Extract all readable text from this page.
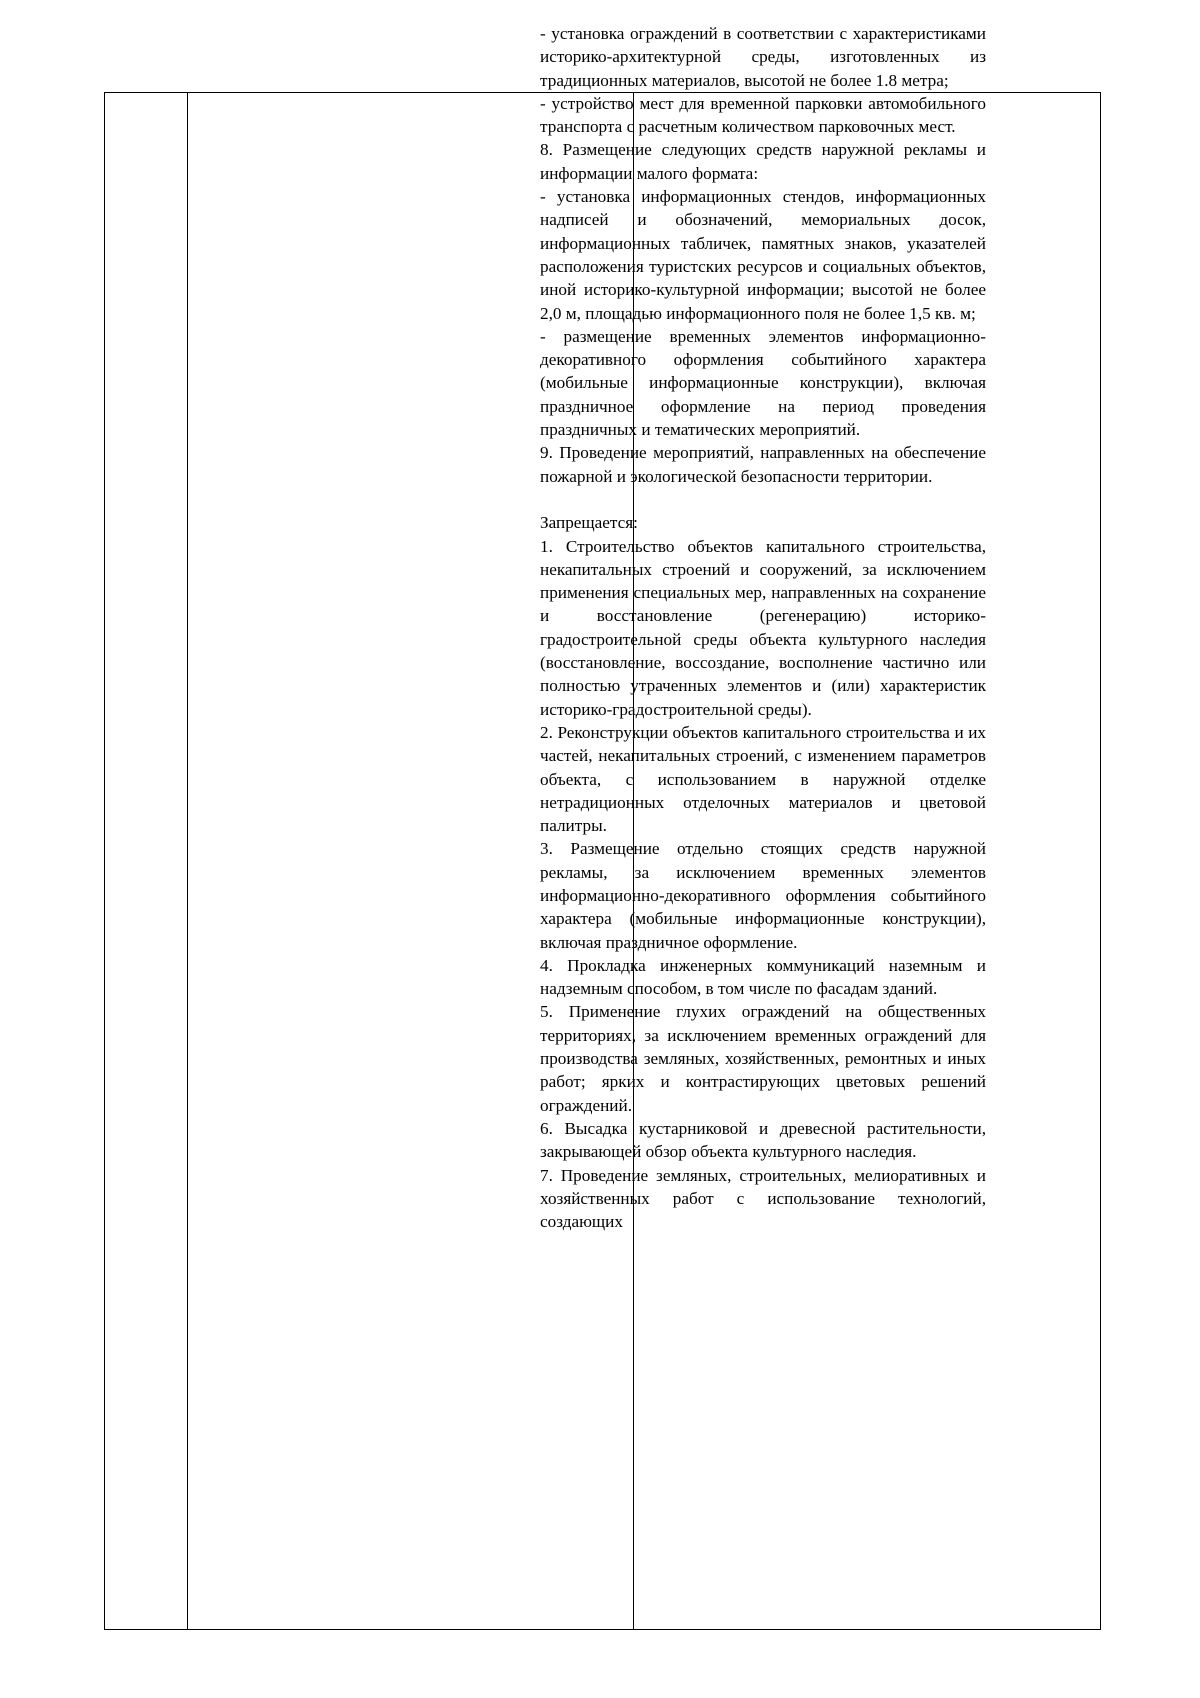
- установка ограждений в соответствии с характеристиками историко-архитектурной среды, изготовленных из традиционных материалов, высотой не более 1.8 метра;

- устройство мест для временной парковки автомобильного транспорта с расчетным количеством парковочных мест.

8. Размещение следующих средств наружной рекламы и информации малого формата:

- установка информационных стендов, информационных надписей и обозначений, мемориальных досок, информационных табличек, памятных знаков, указателей расположения туристских ресурсов и социальных объектов, иной историко-культурной информации; высотой не более 2,0 м, площадью информационного поля не более 1,5 кв. м;

- размещение временных элементов информационно-декоративного оформления событийного характера (мобильные информационные конструкции), включая праздничное оформление на период проведения праздничных и тематических мероприятий.

9. Проведение мероприятий, направленных на обеспечение пожарной и экологической безопасности территории.

Запрещается:

1. Строительство объектов капитального строительства, некапитальных строений и сооружений, за исключением применения специальных мер, направленных на сохранение и восстановление (регенерацию) историко-градостроительной среды объекта культурного наследия (восстановление, воссоздание, восполнение частично или полностью утраченных элементов и (или) характеристик историко-градостроительной среды).

2. Реконструкции объектов капитального строительства и их частей, некапитальных строений, с изменением параметров объекта, с использованием в наружной отделке нетрадиционных отделочных материалов и цветовой палитры.

3. Размещение отдельно стоящих средств наружной рекламы, за исключением временных элементов информационно-декоративного оформления событийного характера (мобильные информационные конструкции), включая праздничное оформление.

4. Прокладка инженерных коммуникаций наземным и надземным способом, в том числе по фасадам зданий.

5. Применение глухих ограждений на общественных территориях, за исключением временных ограждений для производства земляных, хозяйственных, ремонтных и иных работ; ярких и контрастирующих цветовых решений ограждений.

6. Высадка кустарниковой и древесной растительности, закрывающей обзор объекта культурного наследия.

7. Проведение земляных, строительных, мелиоративных и хозяйственных работ с использование технологий, создающих
